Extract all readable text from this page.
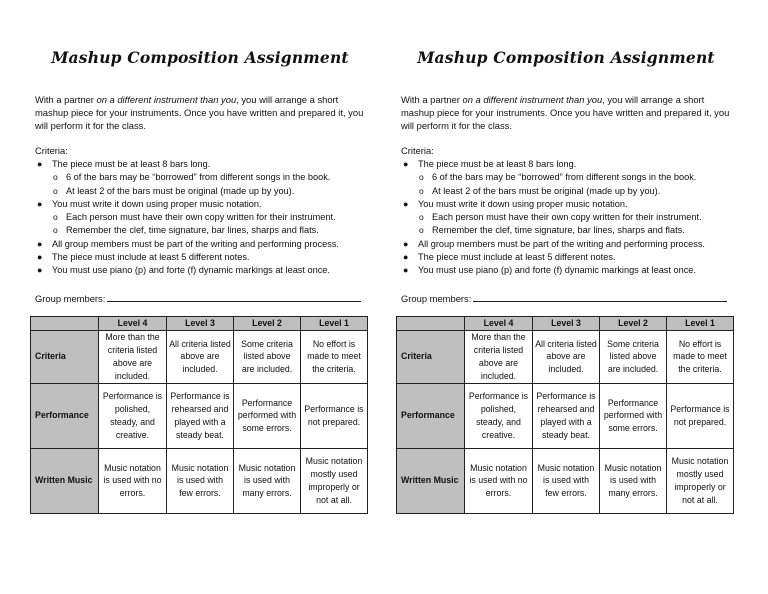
Mashup Composition Assignment
With a partner on a different instrument than you, you will arrange a short mashup piece for your instruments. Once you have written and prepared it, you will perform it for the class.
Criteria:
● The piece must be at least 8 bars long.
o 6 of the bars may be “borrowed” from different songs in the book.
o At least 2 of the bars must be original (made up by you).
● You must write it down using proper music notation.
o Each person must have their own copy written for their instrument.
o Remember the clef, time signature, bar lines, sharps and flats.
● All group members must be part of the writing and performing process.
● The piece must include at least 5 different notes.
● You must use piano (p) and forte (f) dynamic markings at least once.
Group members:
	Level 4	Level 3	Level 2	Level 1
Criteria	More than the criteria listed above are included.	All criteria listed above are included.	Some criteria listed above are included.	No effort is made to meet the criteria.
Performance	Performance is polished, steady, and creative.	Performance is rehearsed and played with a steady beat.	Performance performed with some errors.	Performance is not prepared.
Written Music	Music notation is used with no errors.	Music notation is used with few errors.	Music notation is used with many errors.	Music notation mostly used improperly or not at all.
Mashup Composition Assignment
With a partner on a different instrument than you, you will arrange a short mashup piece for your instruments. Once you have written and prepared it, you will perform it for the class.
Criteria:
● The piece must be at least 8 bars long.
o 6 of the bars may be “borrowed” from different songs in the book.
o At least 2 of the bars must be original (made up by you).
● You must write it down using proper music notation.
o Each person must have their own copy written for their instrument.
o Remember the clef, time signature, bar lines, sharps and flats.
● All group members must be part of the writing and performing process.
● The piece must include at least 5 different notes.
● You must use piano (p) and forte (f) dynamic markings at least once.
Group members:
	Level 4	Level 3	Level 2	Level 1
Criteria	More than the criteria listed above are included.	All criteria listed above are included.	Some criteria listed above are included.	No effort is made to meet the criteria.
Performance	Performance is polished, steady, and creative.	Performance is rehearsed and played with a steady beat.	Performance performed with some errors.	Performance is not prepared.
Written Music	Music notation is used with no errors.	Music notation is used with few errors.	Music notation is used with many errors.	Music notation mostly used improperly or not at all.
